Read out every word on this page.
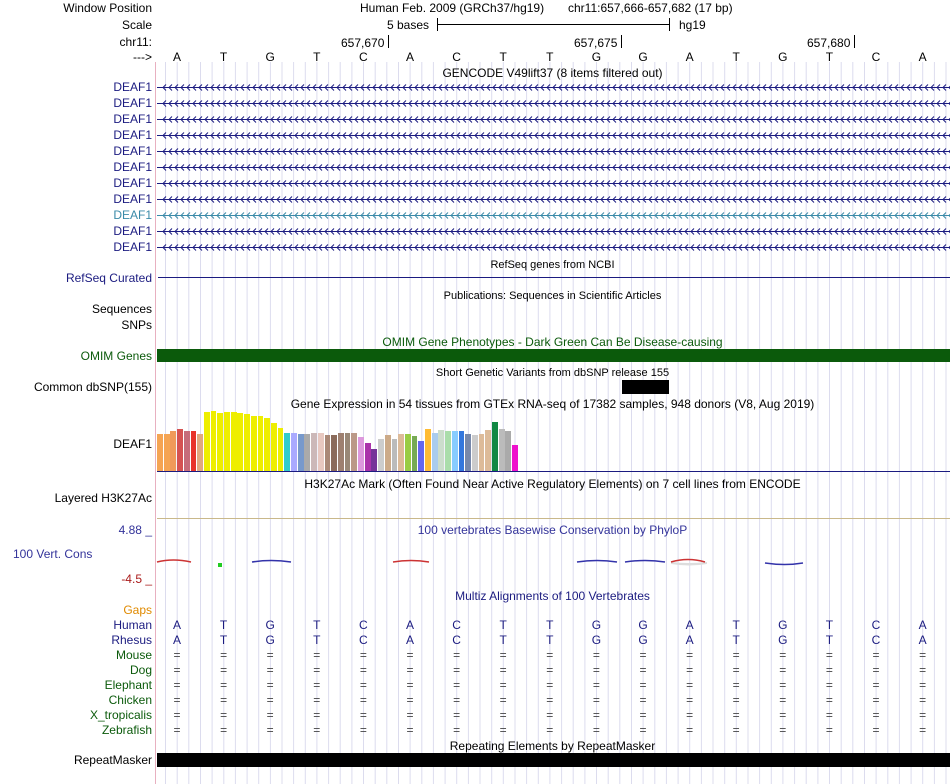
Window Position
Scale
chr11:
--->
Human Feb. 2009 (GRCh37/hg19) chr11:657,666-657,682 (17 bp)
5 bases	hg19
657,670	657,675	657,680
A	T	G	T	C	A	C	T	T	G	G	A	T	G	T	C	A
GENCODE V49lift37 (8 items filtered out)
DEAF1
DEAF1
DEAF1
DEAF1
DEAF1
DEAF1
DEAF1
DEAF1
DEAF1
DEAF1
DEAF1
RefSeq genes from NCBI
RefSeq Curated
Publications: Sequences in Scientific Articles
Sequences
SNPs
OMIM Gene Phenotypes - Dark Green Can Be Disease-causing
OMIM Genes
Short Genetic Variants from dbSNP release 155
Common dbSNP(155)
Gene Expression in 54 tissues from GTEx RNA-seq of 17382 samples, 948 donors (V8, Aug 2019)
DEAF1
H3K27Ac Mark (Often Found Near Active Regulatory Elements) on 7 cell lines from ENCODE
Layered H3K27Ac
100 vertebrates Basewise Conservation by PhyloP
4.88 _
100 Vert. Cons
-4.5 _
Multiz Alignments of 100 Vertebrates
Gaps
Human	A	T	G	T	C	A	C	T	T	G	G	A	T	G	T	C	A
Rhesus	A	T	G	T	C	A	C	T	T	G	G	A	T	G	T	C	A
Mouse	=	=	=	=	=	=	=	=	=	=	=	=	=	=	=	=	=
Dog	=	=	=	=	=	=	=	=	=	=	=	=	=	=	=	=	=
Elephant	=	=	=	=	=	=	=	=	=	=	=	=	=	=	=	=	=
Chicken	=	=	=	=	=	=	=	=	=	=	=	=	=	=	=	=	=
X_tropicalis	=	=	=	=	=	=	=	=	=	=	=	=	=	=	=	=	=
Zebrafish	=	=	=	=	=	=	=	=	=	=	=	=	=	=	=	=	=
Repeating Elements by RepeatMasker
RepeatMasker
